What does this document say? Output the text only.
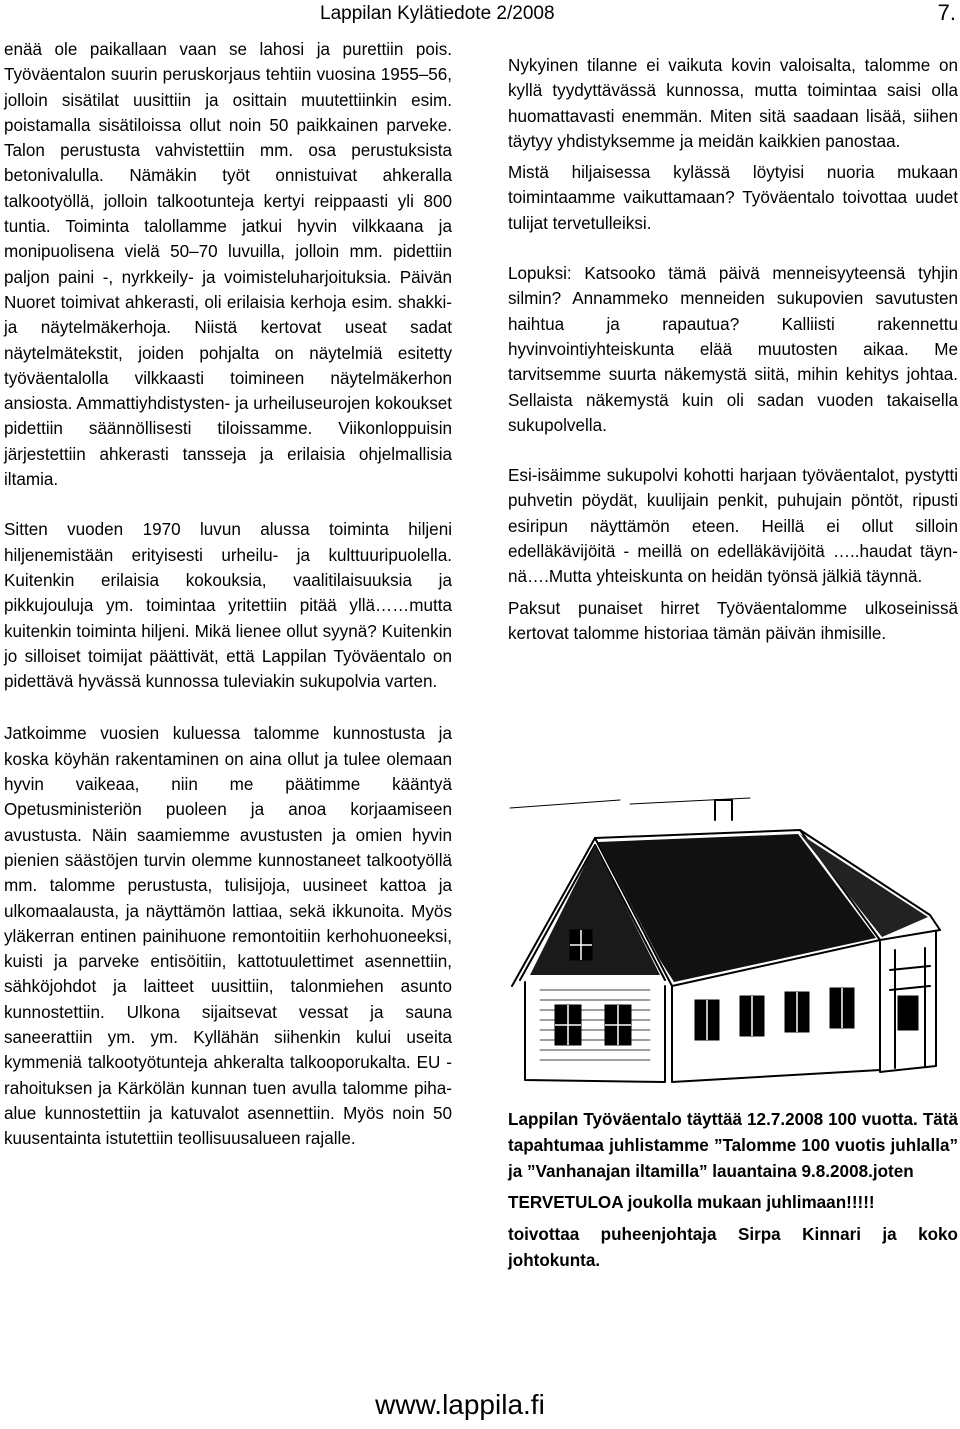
Lappilan Kylätiedote 2/2008	7.

enää ole paikallaan vaan se lahosi ja purettiin pois. Työväentalon suurin peruskorjaus tehtiin vuosina 1955–56, jolloin sisätilat uusittiin ja osittain muutettiinkin esim. poistamalla sisätiloissa ollut noin 50 paikkainen parveke. Talon perustusta vahvistettiin mm. osa perustuksista betonivalulla. Nämäkin työt onnistuivat ahkeralla talkootyöllä, jolloin talkootunteja kertyi reippaasti yli 800 tuntia. Toiminta talollamme jatkui hyvin vilkkaana ja monipuolisena vielä 50–70 luvuilla, jolloin mm. pidettiin paljon paini -, nyrkkeily- ja voimisteluharjoituksia. Päivän Nuoret toimivat ahkerasti, oli erilaisia kerhoja esim. shakki- ja näytelmäkerhoja. Niistä kertovat useat sadat näytelmätekstit, joiden pohjalta on näytelmiä esitetty työväentalolla vilkkaasti toimineen näytelmäkerhon ansiosta. Ammattiyhdistysten- ja urheiluseurojen kokoukset pidettiin säännöllisesti tiloissamme. Viikonloppuisin järjestettiin ahkerasti tansseja ja erilaisia ohjelmallisia iltamia.

Sitten vuoden 1970 luvun alussa toiminta hiljeni hiljenemistään erityisesti urheilu- ja kulttuuripuolella. Kuitenkin erilaisia kokouksia, vaalitilaisuuksia ja pikkujouluja ym. toimintaa yritettiin pitää yllä……mutta kuitenkin toiminta hiljeni. Mikä lienee ollut syynä? Kuitenkin jo silloiset toimijat päättivät, että Lappilan Työväentalo on pidettävä hyvässä kunnossa tuleviakin sukupolvia varten.

Jatkoimme vuosien kuluessa talomme kunnostusta ja koska köyhän rakentaminen on aina ollut ja tulee olemaan hyvin vaikeaa, niin me päätimme kääntyä Opetusministeriön puoleen ja anoa korjaamiseen avustusta. Näin saamiemme avustusten ja omien hyvin pienien säästöjen turvin olemme kunnostaneet talkootyöllä mm. talomme perustusta, tulisijoja, uusineet kattoa ja ulkomaalausta, ja näyttämön lattiaa, sekä ikkunoita. Myös yläkerran entinen painihuone remontoitiin kerhohuoneeksi, kuisti ja parveke entisöitiin, kattotuulettimet asennettiin, sähköjohdot ja laitteet uusittiin, talonmiehen asunto kunnostettiin. Ulkona sijaitsevat vessat ja sauna saneerattiin ym. ym. Kyllähän siihenkin kului useita kymmeniä talkootyötunteja ahkeralta talkooporukalta. EU -rahoituksen ja Kärkölän kunnan tuen avulla talomme piha-alue kunnostettiin ja katuvalot asennettiin. Myös noin 50 kuusentainta istutettiin teollisuusalueen rajalle.

Nykyinen tilanne ei vaikuta kovin valoisalta, talomme on kyllä tyydyttävässä kunnossa, mutta toimintaa saisi olla huomattavasti enemmän. Miten sitä saadaan lisää, siihen täytyy yhdistyksemme ja meidän kaikkien panostaa.

Mistä hiljaisessa kylässä löytyisi nuoria mukaan toimintaamme vaikuttamaan? Työväentalo toivottaa uudet tulijat tervetulleiksi.

Lopuksi: Katsooko tämä päivä menneisyyteensä tyhjin silmin? Annammeko menneiden sukupovien savutusten haihtua ja rapautua? Kalliisti rakennettu hyvinvointiyhteiskunta elää muutosten aikaa. Me tarvitsemme suurta näkemystä siitä, mihin kehitys johtaa. Sellaista näkemystä kuin oli sadan vuoden takaisella sukupolvella.

Esi-isäimme sukupolvi kohotti harjaan työväentalot, pystytti puhvetin pöydät, kuulijain penkit, puhujain pöntöt, ripusti esiripun näyttämön eteen. Heillä ei ollut silloin edelläkävijöitä - meillä on edelläkävijöitä …..haudat täynnä….Mutta yhteiskunta on heidän työnsä jälkiä täynnä.

Paksut punaiset hirret Työväentalomme ulkoseinissä kertovat talomme historiaa tämän päivän ihmisille.

Lappilan Työväentalo täyttää 12.7.2008 100 vuotta. Tätä tapahtumaa juhlistamme ”Talomme 100 vuotis juhlalla” ja ”Vanhanajan iltamilla” lauantaina 9.8.2008.joten

TERVETULOA joukolla mukaan juhlimaan!!!!!

toivottaa puheenjohtaja Sirpa Kinnari ja koko johtokunta.

www.lappila.fi
